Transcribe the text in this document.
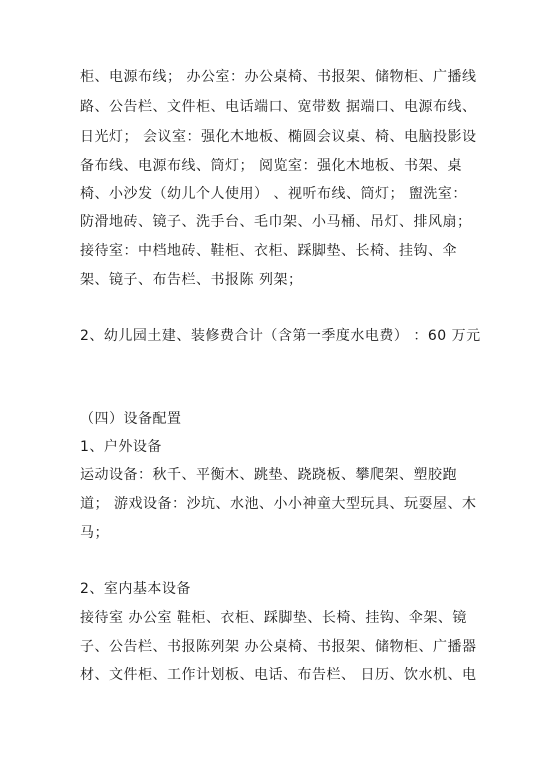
柜、电源布线； 办公室：办公桌椅、书报架、储物柜、广播线
路、公告栏、文件柜、电话端口、宽带数 据端口、电源布线、
日光灯； 会议室：强化木地板、椭圆会议桌、椅、电脑投影设
备布线、电源布线、筒灯； 阅览室：强化木地板、书架、桌
椅、小沙发（幼儿个人使用） 、视听布线、筒灯； 盥洗室：
防滑地砖、镜子、洗手台、毛巾架、小马桶、吊灯、排风扇；
接待室：中档地砖、鞋柜、衣柜、踩脚垫、长椅、挂钩、伞
架、镜子、布告栏、书报陈 列架；
2、幼儿园土建、装修费合计（含第一季度水电费） ：60 万元
（四）设备配置
1、户外设备
运动设备：秋千、平衡木、跳垫、跷跷板、攀爬架、塑胶跑
道； 游戏设备：沙坑、水池、小小神童大型玩具、玩耍屋、木
马；
2、室内基本设备
接待室 办公室 鞋柜、衣柜、踩脚垫、长椅、挂钩、伞架、镜
子、公告栏、书报陈列架 办公桌椅、书报架、储物柜、广播器
材、文件柜、工作计划板、电话、布告栏、 日历、饮水机、电
